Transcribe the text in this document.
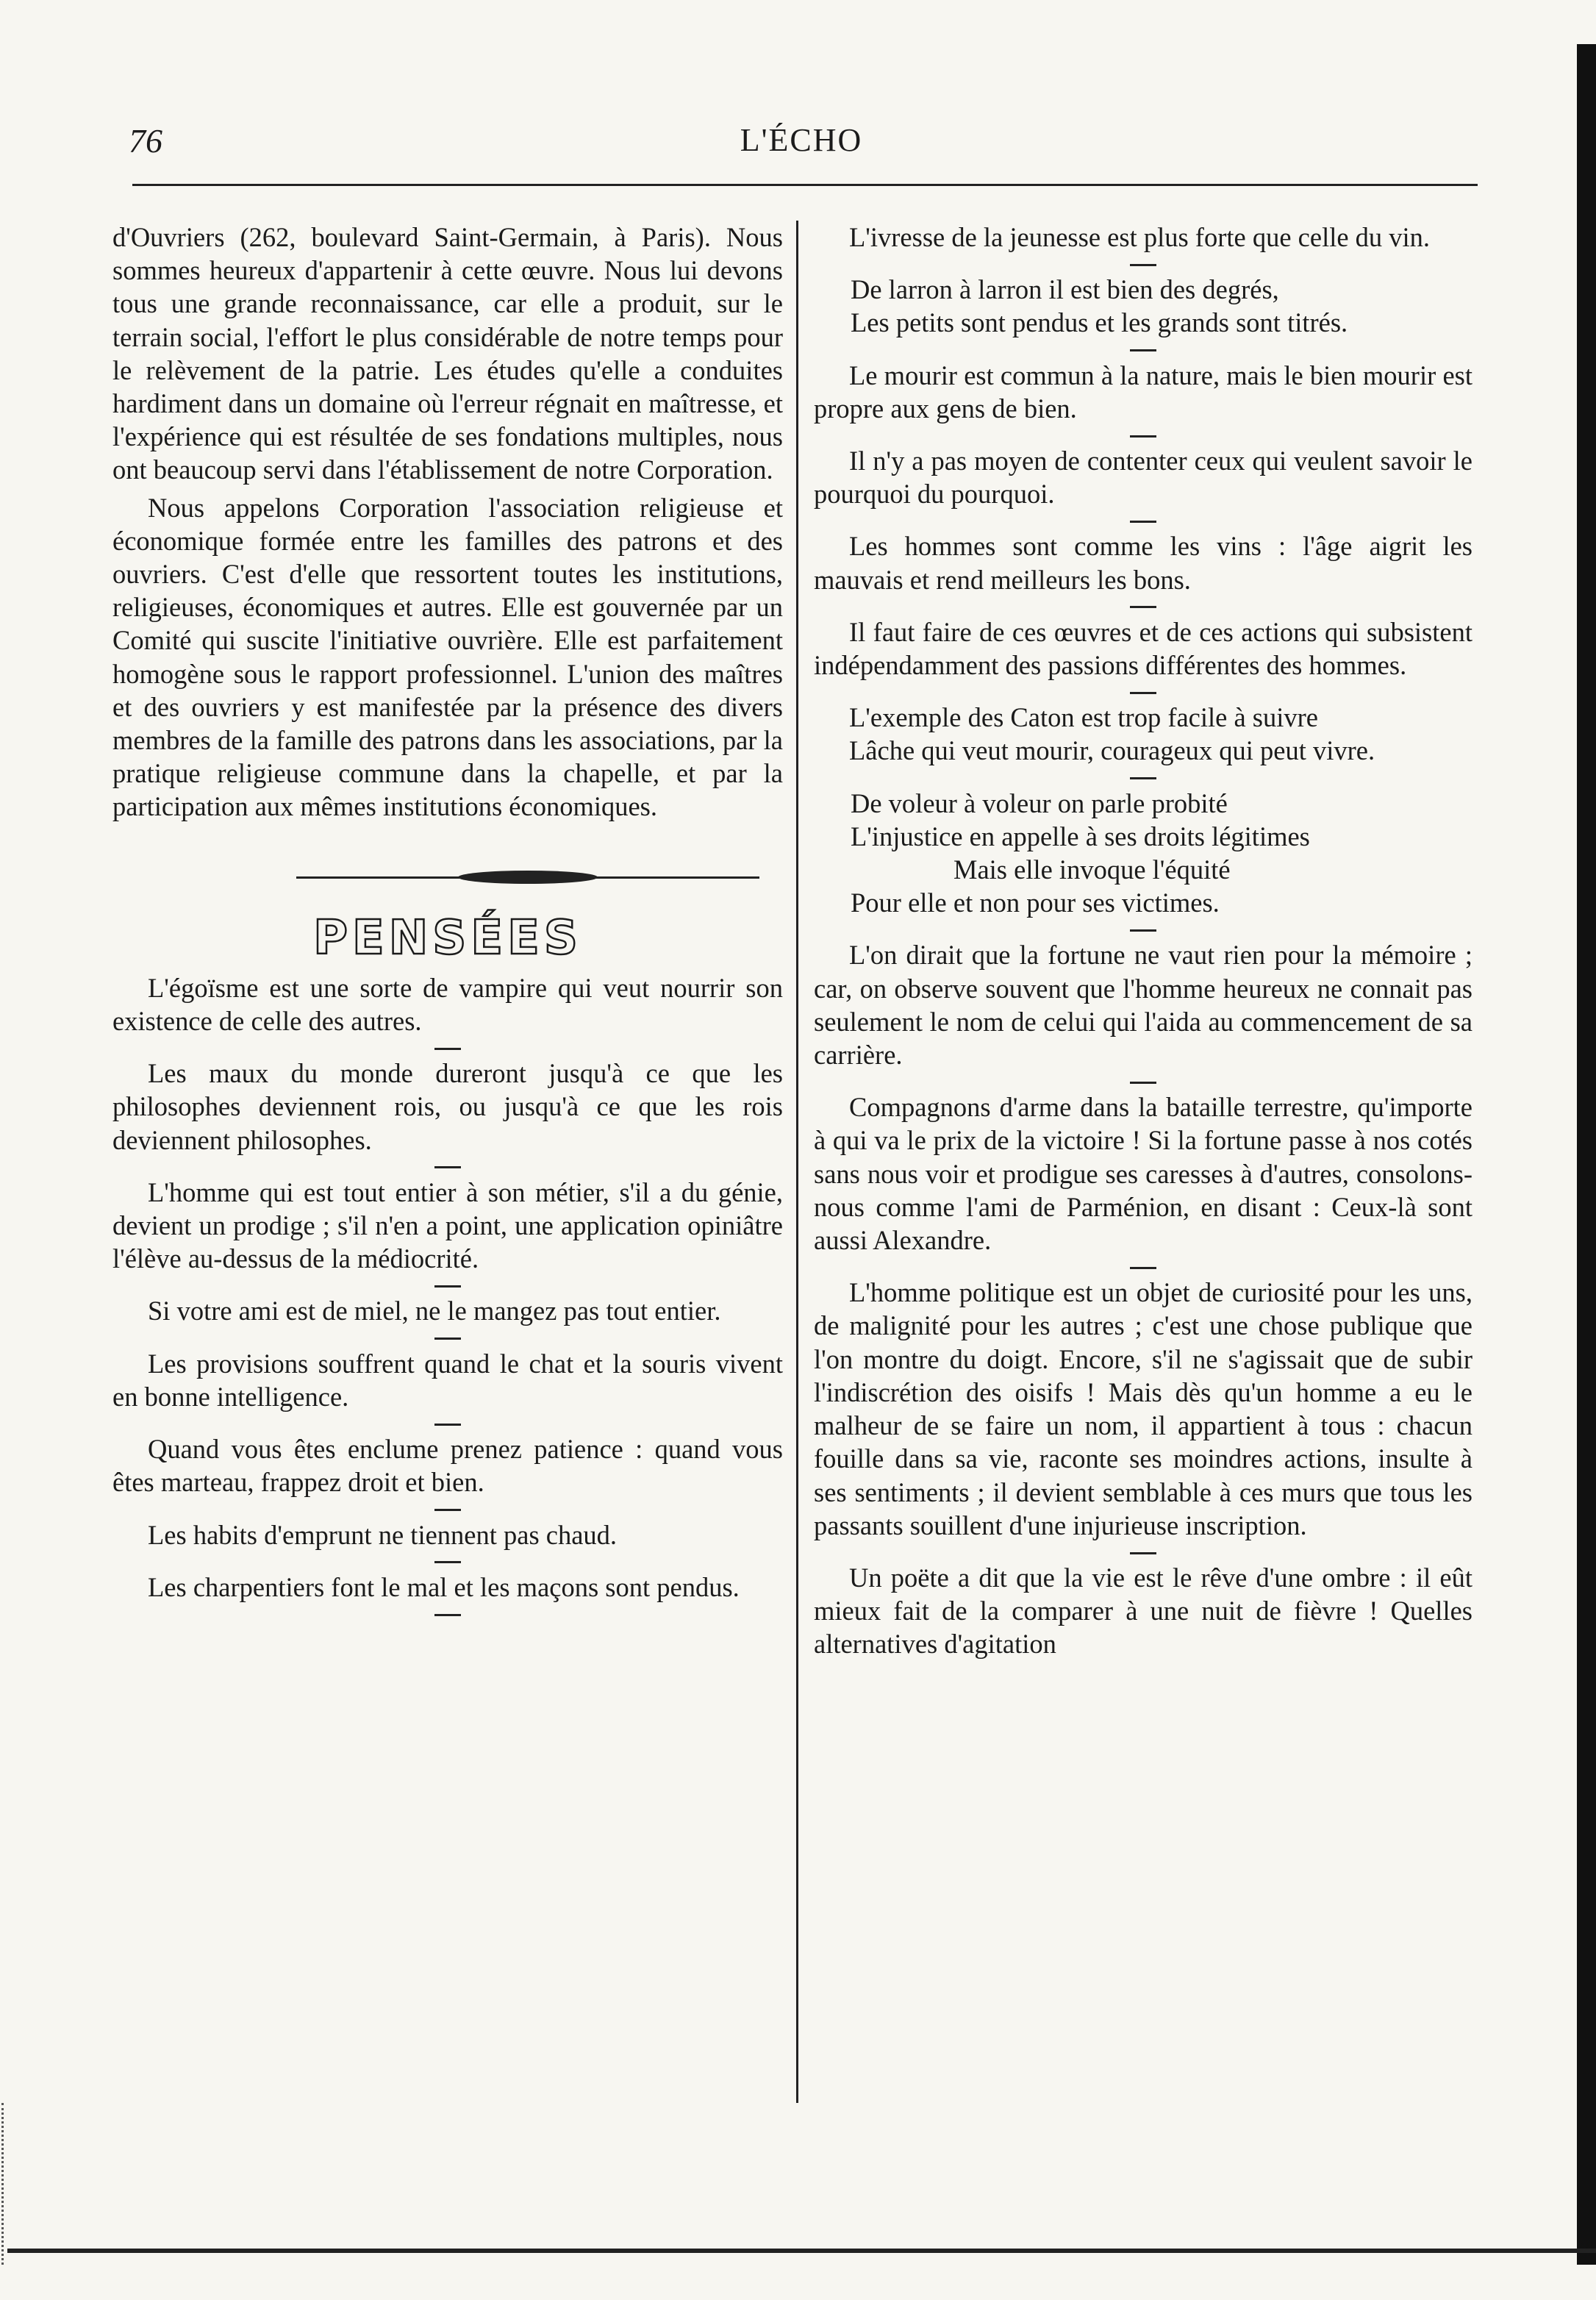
76	L'ÉCHO

d'Ouvriers (262, boulevard Saint-Germain, à Paris). Nous sommes heureux d'appartenir à cette œuvre. Nous lui devons tous une grande reconnaissance, car elle a produit, sur le terrain social, l'effort le plus considérable de notre temps pour le relèvement de la patrie. Les études qu'elle a conduites hardiment dans un domaine où l'erreur régnait en maîtresse, et l'expérience qui est résultée de ses fondations multiples, nous ont beaucoup servi dans l'établissement de notre Corporation.

Nous appelons Corporation l'association religieuse et économique formée entre les familles des patrons et des ouvriers. C'est d'elle que ressortent toutes les institutions, religieuses, économiques et autres. Elle est gouvernée par un Comité qui suscite l'initiative ouvrière. Elle est parfaitement homogène sous le rapport professionnel. L'union des maîtres et des ouvriers y est manifestée par la présence des divers membres de la famille des patrons dans les associations, par la pratique religieuse commune dans la chapelle, et par la participation aux mêmes institutions économiques.

PENSÉES

L'égoïsme est une sorte de vampire qui veut nourrir son existence de celle des autres.

Les maux du monde dureront jusqu'à ce que les philosophes deviennent rois, ou jusqu'à ce que les rois deviennent philosophes.

L'homme qui est tout entier à son métier, s'il a du génie, devient un prodige ; s'il n'en a point, une application opiniâtre l'élève au-dessus de la médiocrité.

Si votre ami est de miel, ne le mangez pas tout entier.

Les provisions souffrent quand le chat et la souris vivent en bonne intelligence.

Quand vous êtes enclume prenez patience : quand vous êtes marteau, frappez droit et bien.

Les habits d'emprunt ne tiennent pas chaud.

Les charpentiers font le mal et les maçons sont pendus.

L'ivresse de la jeunesse est plus forte que celle du vin.

De larron à larron il est bien des degrés,
Les petits sont pendus et les grands sont titrés.

Le mourir est commun à la nature, mais le bien mourir est propre aux gens de bien.

Il n'y a pas moyen de contenter ceux qui veulent savoir le pourquoi du pourquoi.

Les hommes sont comme les vins : l'âge aigrit les mauvais et rend meilleurs les bons.

Il faut faire de ces œuvres et de ces actions qui subsistent indépendamment des passions différentes des hommes.

L'exemple des Caton est trop facile à suivre

Lâche qui veut mourir, courageux qui peut vivre.

De voleur à voleur on parle probité
L'injustice en appelle à ses droits légitimes
Mais elle invoque l'équité
Pour elle et non pour ses victimes.

L'on dirait que la fortune ne vaut rien pour la mémoire ; car, on observe souvent que l'homme heureux ne connait pas seulement le nom de celui qui l'aida au commencement de sa carrière.

Compagnons d'arme dans la bataille terrestre, qu'importe à qui va le prix de la victoire ! Si la fortune passe à nos cotés sans nous voir et prodigue ses caresses à d'autres, consolons-nous comme l'ami de Parménion, en disant : Ceux-là sont aussi Alexandre.

L'homme politique est un objet de curiosité pour les uns, de malignité pour les autres ; c'est une chose publique que l'on montre du doigt. Encore, s'il ne s'agissait que de subir l'indiscrétion des oisifs ! Mais dès qu'un homme a eu le malheur de se faire un nom, il appartient à tous : chacun fouille dans sa vie, raconte ses moindres actions, insulte à ses sentiments ; il devient semblable à ces murs que tous les passants souillent d'une injurieuse inscription.

Un poëte a dit que la vie est le rêve d'une ombre : il eût mieux fait de la comparer à une nuit de fièvre ! Quelles alternatives d'agitation
